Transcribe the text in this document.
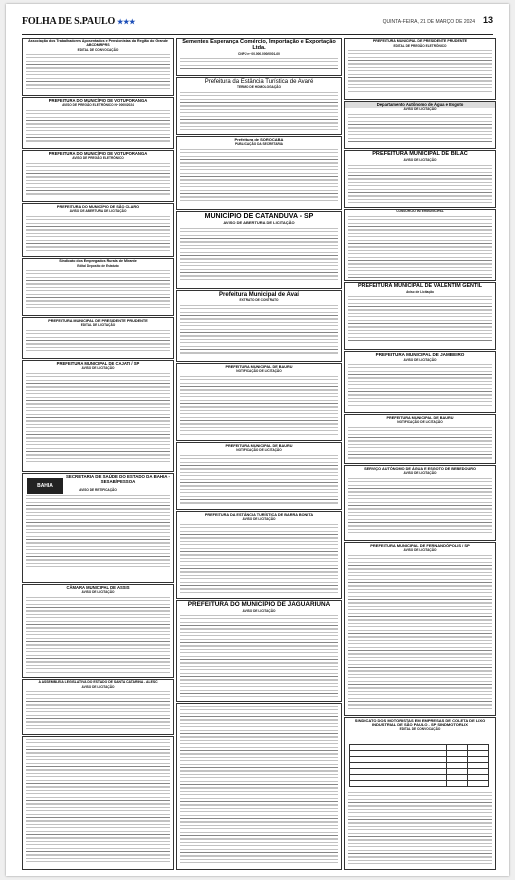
FOLHA DE S.PAULO ★★★	QUINTA-FEIRA, 21 DE MARÇO DE 2024 13
Associação dos Trabalhadores Aposentados e Pensionistas da Região do Grande ABCDMRPRS
EDITAL DE CONVOCAÇÃO
PREFEITURA DO MUNICÍPIO DE VOTUPORANGA
AVISO DE PREGÃO ELETRÔNICO Nº 0000/2024
PREFEITURA DO MUNICÍPIO DE VOTUPORANGA
AVISO DE PREGÃO ELETRÔNICO
PREFEITURA DO MUNICÍPIO DE SÃO CLARO
AVISO DE ABERTURA DE LICITAÇÃO
Sindicato dos Empregados Rurais de Mirante
Edital Deposito de Estatuto
PREFEITURA MUNICIPAL DE PRESIDENTE PRUDENTE
EDITAL DE LICITAÇÃO
PREFEITURA MUNICIPAL DE CAJATI / SP
AVISO DE LICITAÇÃO
BAHIA
SECRETARIA DE SAÚDE DO ESTADO DA BAHIA - SESAB/PESSOA
AVISO DE RETIFICAÇÃO
CÂMARA MUNICIPAL DE ASSIS
AVISO DE LICITAÇÃO
A ASSEMBLEIA LEGISLATIVA DO ESTADO DE SANTA CATARINA - ALESC
AVISO DE LICITAÇÃO
Sementes Esperança Comércio, Importação e Exportação Ltda.
CNPJ nº 00.000.000/0001-00
Prefeitura da Estância Turística de Avaré
TERMO DE HOMOLOGAÇÃO
Prefeitura de SOROCABA
PUBLICAÇÃO DA SECRETARIA
MUNICÍPIO DE CATANDUVA - SP
AVISO DE ABERTURA DE LICITAÇÃO
Prefeitura Municipal de Avaí
EXTRATO DE CONTRATO
PREFEITURA MUNICIPAL DE BAURU
NOTIFICAÇÃO DE LICITAÇÃO
PREFEITURA MUNICIPAL DE BAURU
NOTIFICAÇÃO DE LICITAÇÃO
PREFEITURA DA ESTÂNCIA TURÍSTICA DE BARRA BONITA
AVISO DE LICITAÇÃO
PREFEITURA DO MUNICÍPIO DE JAGUARIÚNA
AVISO DE LICITAÇÃO
PREFEITURA MUNICIPAL DE PRESIDENTE PRUDENTE
EDITAL DE PREGÃO ELETRÔNICO
Departamento Autônomo de Água e Esgoto
AVISO DE LICITAÇÃO
PREFEITURA MUNICIPAL DE BILAC
AVISO DE LICITAÇÃO
CONSÓRCIO INTERMUNICIPAL
PREFEITURA MUNICIPAL DE VALENTIM GENTIL
Aviso de Licitação
PREFEITURA MUNICIPAL DE JAMBEIRO
AVISO DE LICITAÇÃO
PREFEITURA MUNICIPAL DE BAURU
NOTIFICAÇÃO DE LICITAÇÃO
SERVIÇO AUTÔNOMO DE ÁGUA E ESGOTO DE BEBEDOURO
AVISO DE LICITAÇÃO
PREFEITURA MUNICIPAL DE FERNANDÓPOLIS / SP
AVISO DE LICITAÇÃO
SINDICATO DOS MOTORISTAS EM EMPRESAS DE COLETA DE LIXO INDUSTRIAL DE SÃO PAULO - SP SINDMOTORLIX
EDITAL DE CONVOCAÇÃO
